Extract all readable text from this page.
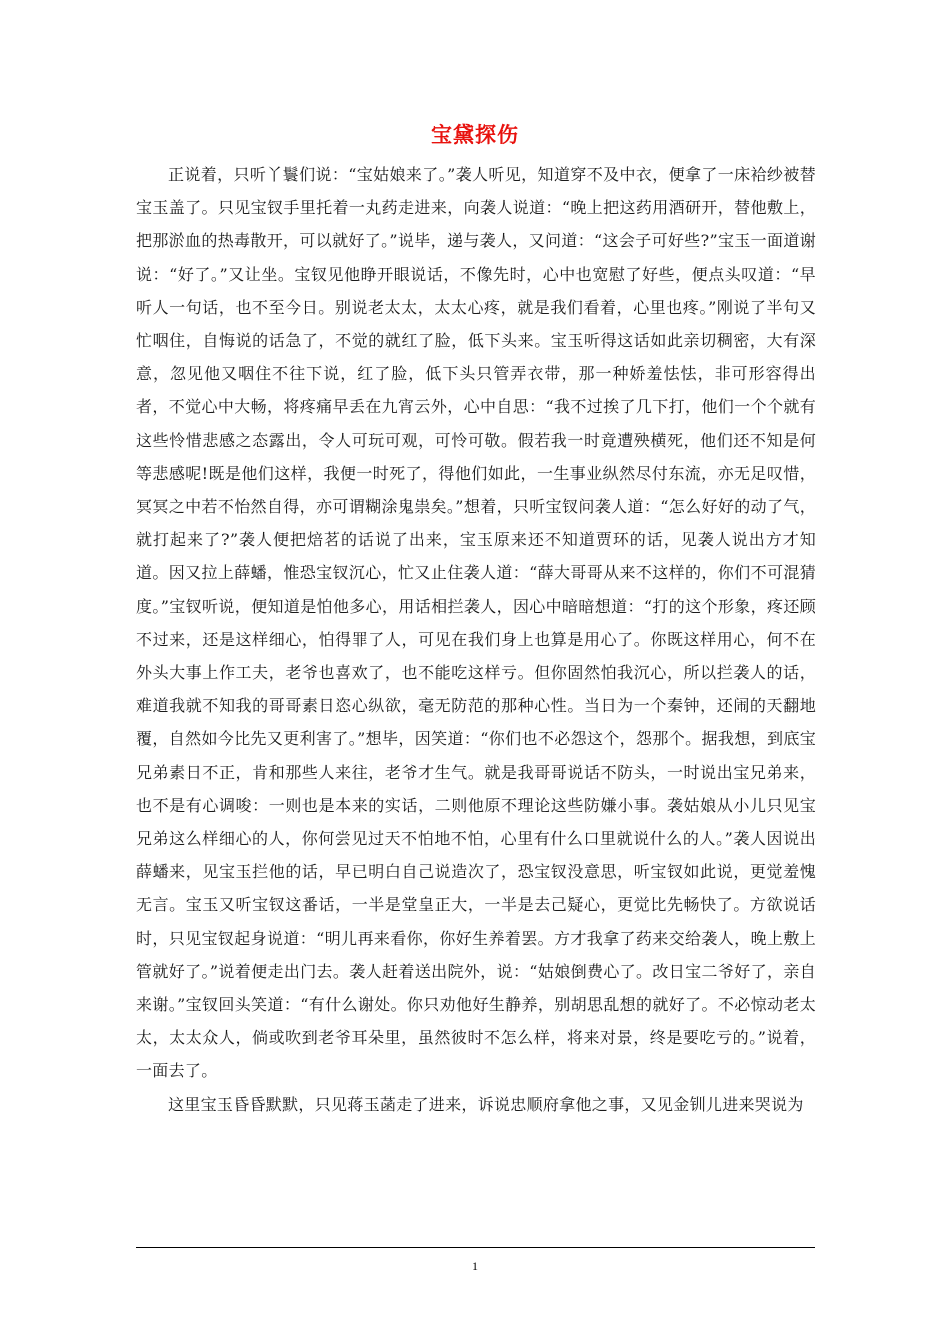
宝黛探伤

正说着，只听丫鬟们说：“宝姑娘来了。”袭人听见，知道穿不及中衣，便拿了一床袷纱被替宝玉盖了。只见宝钗手里托着一丸药走进来，向袭人说道：“晚上把这药用酒研开，替他敷上，把那淤血的热毒散开，可以就好了。”说毕，递与袭人，又问道：“这会子可好些?”宝玉一面道谢说：“好了。”又让坐。宝钗见他睁开眼说话，不像先时，心中也宽慰了好些，便点头叹道：“早听人一句话，也不至今日。别说老太太，太太心疼，就是我们看着，心里也疼。”刚说了半句又忙咽住，自悔说的话急了，不觉的就红了脸，低下头来。宝玉听得这话如此亲切稠密，大有深意，忽见他又咽住不往下说，红了脸，低下头只管弄衣带，那一种娇羞怯怯，非可形容得出者，不觉心中大畅，将疼痛早丢在九宵云外，心中自思：“我不过挨了几下打，他们一个个就有这些怜惜悲感之态露出，令人可玩可观，可怜可敬。假若我一时竟遭殃横死，他们还不知是何等悲感呢!既是他们这样，我便一时死了，得他们如此，一生事业纵然尽付东流，亦无足叹惜，冥冥之中若不怡然自得，亦可谓糊涂鬼祟矣。”想着，只听宝钗问袭人道：“怎么好好的动了气，就打起来了?”袭人便把焙茗的话说了出来，宝玉原来还不知道贾环的话，见袭人说出方才知道。因又拉上薛蟠，惟恐宝钗沉心，忙又止住袭人道：“薛大哥哥从来不这样的，你们不可混猜度。”宝钗听说，便知道是怕他多心，用话相拦袭人，因心中暗暗想道：“打的这个形象，疼还顾不过来，还是这样细心，怕得罪了人，可见在我们身上也算是用心了。你既这样用心，何不在外头大事上作工夫，老爷也喜欢了，也不能吃这样亏。但你固然怕我沉心，所以拦袭人的话，难道我就不知我的哥哥素日恣心纵欲，毫无防范的那种心性。当日为一个秦钟，还闹的天翻地覆，自然如今比先又更利害了。”想毕，因笑道：“你们也不必怨这个，怨那个。据我想，到底宝兄弟素日不正，肯和那些人来往，老爷才生气。就是我哥哥说话不防头，一时说出宝兄弟来，也不是有心调唆：一则也是本来的实话，二则他原不理论这些防嫌小事。袭姑娘从小儿只见宝兄弟这么样细心的人，你何尝见过天不怕地不怕，心里有什么口里就说什么的人。”袭人因说出薛蟠来，见宝玉拦他的话，早已明白自己说造次了，恐宝钗没意思，听宝钗如此说，更觉羞愧无言。宝玉又听宝钗这番话，一半是堂皇正大，一半是去己疑心，更觉比先畅快了。方欲说话时，只见宝钗起身说道：“明儿再来看你，你好生养着罢。方才我拿了药来交给袭人，晚上敷上管就好了。”说着便走出门去。袭人赶着送出院外，说：“姑娘倒费心了。改日宝二爷好了，亲自来谢。”宝钗回头笑道：“有什么谢处。你只劝他好生静养，别胡思乱想的就好了。不必惊动老太太，太太众人，倘或吹到老爷耳朵里，虽然彼时不怎么样，将来对景，终是要吃亏的。”说着，一面去了。

这里宝玉昏昏默默，只见蒋玉菡走了进来，诉说忠顺府拿他之事，又见金钏儿进来哭说为

1
